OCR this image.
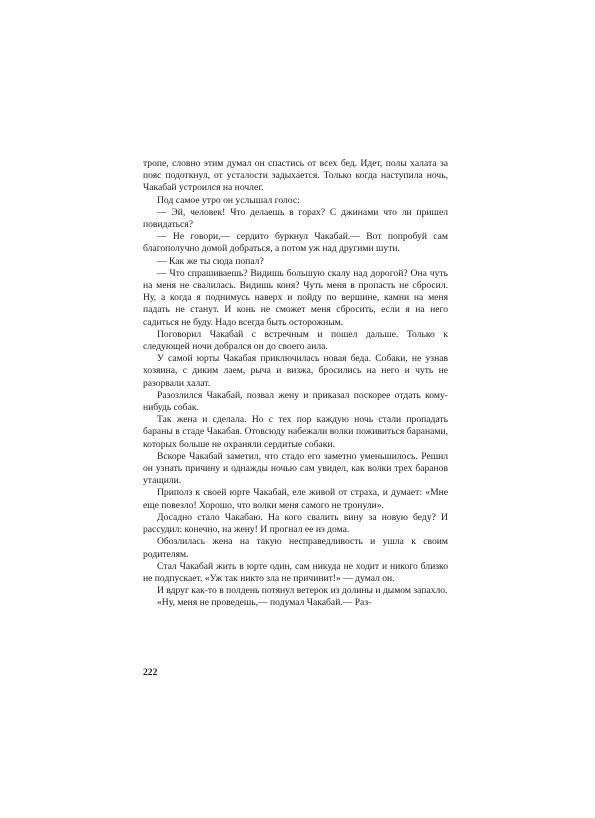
тропе, словно этим думал он спастись от всех бед. Идет, полы халата за пояс подоткнул, от усталости задыхается. Только когда наступила ночь, Чакабай устроился на ночлег.

Под самое утро он услышал голос:

— Эй, человек! Что делаешь в горах? С джинами что ли пришел повидаться?

— Не говори,— сердито буркнул Чакабай.— Вот попробуй сам благополучно домой добраться, а потом уж над другими шути.

— Как же ты сюда попал?

— Что спрашиваешь? Видишь большую скалу над дорогой? Она чуть на меня не свалилась. Видишь коня? Чуть меня в пропасть не сбросил. Ну, а когда я поднимусь наверх и пойду по вершине, камни на меня падать не станут. И конь не сможет меня сбросить, если я на него садиться не буду. Надо всегда быть осторожным.

Поговорил Чакабай с встречным и пошел дальше. Только к следующей ночи добрался он до своего аила.

У самой юрты Чакабая приключилась новая беда. Собаки, не узнав хозяина, с диким лаем, рыча и визжа, бросились на него и чуть не разорвали халат.

Разозлился Чакабай, позвал жену и приказал поскорее отдать кому-нибудь собак.

Так жена и сделала. Но с тех пор каждую ночь стали пропадать бараны в стаде Чакабая. Отовсюду набежали волки поживиться баранами, которых больше не охраняли сердитые собаки.

Вскоре Чакабай заметил, что стадо его заметно уменьшилось. Решил он узнать причину и однажды ночью сам увидел, как волки трех баранов утащили.

Приполз к своей юрте Чакабай, еле живой от страха, и думает: «Мне еще повезло! Хорошо, что волки меня самого не тронули».

Досадно стало Чакабаю. На кого свалить вину за новую беду? И рассудил: конечно, на жену! И прогнал ее из дома.

Обозлилась жена на такую несправедливость и ушла к своим родителям.

Стал Чакабай жить в юрте один, сам никуда не ходит и никого близко не подпускает. «Уж так никто зла не причинит!» — думал он.

И вдруг как-то в полдень потянул ветерок из долины и дымом запахло.

«Ну, меня не проведешь,— подумал Чакабай.— Раз-

222
